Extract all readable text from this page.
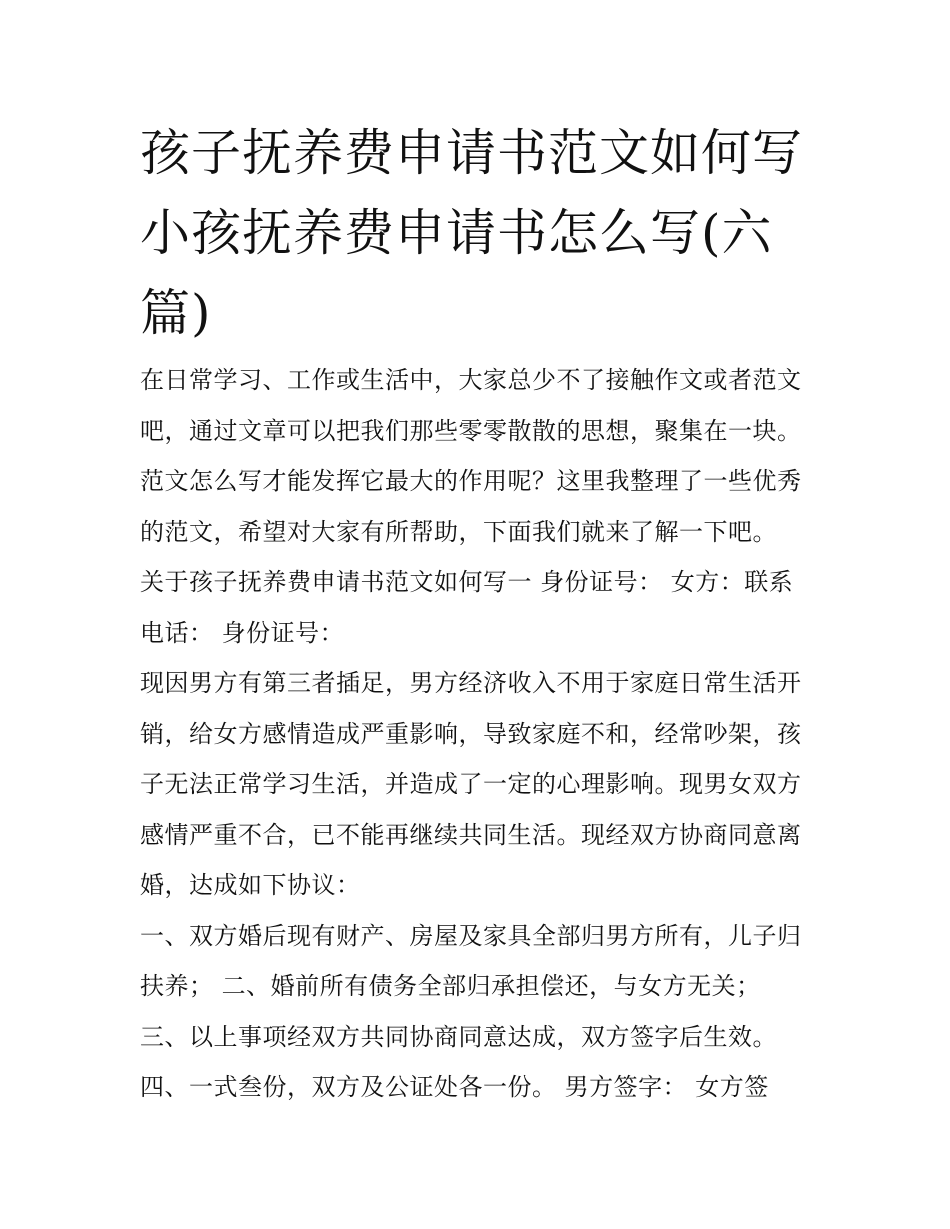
孩子抚养费申请书范文如何写
小孩抚养费申请书怎么写(六
篇)
在日常学习、工作或生活中，大家总少不了接触作文或者范文
吧，通过文章可以把我们那些零零散散的思想，聚集在一块。
范文怎么写才能发挥它最大的作用呢？这里我整理了一些优秀
的范文，希望对大家有所帮助，下面我们就来了解一下吧。
关于孩子抚养费申请书范文如何写一 身份证号： 女方：联系
电话： 身份证号：
现因男方有第三者插足，男方经济收入不用于家庭日常生活开
销，给女方感情造成严重影响，导致家庭不和，经常吵架，孩
子无法正常学习生活，并造成了一定的心理影响。现男女双方
感情严重不合，已不能再继续共同生活。现经双方协商同意离
婚，达成如下协议：
一、双方婚后现有财产、房屋及家具全部归男方所有，儿子归
扶养； 二、婚前所有债务全部归承担偿还，与女方无关；
三、以上事项经双方共同协商同意达成，双方签字后生效。
四、一式叁份，双方及公证处各一份。 男方签字： 女方签
